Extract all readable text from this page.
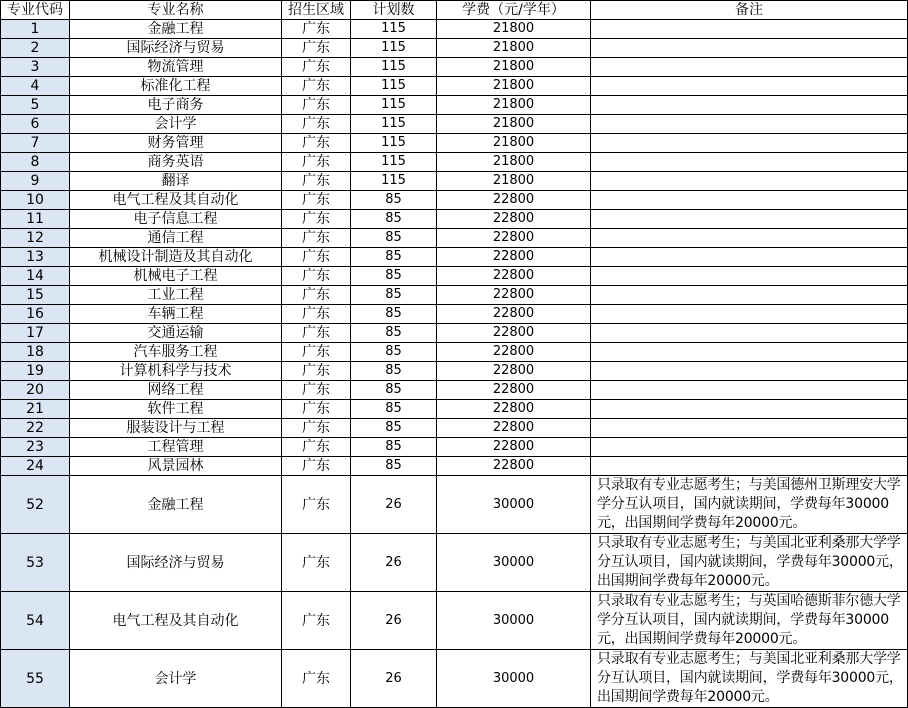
专业代码	专业名称	招生区域	计划数	学费（元/学年）	备注
1	金融工程	广东	115	21800	
2	国际经济与贸易	广东	115	21800	
3	物流管理	广东	115	21800	
4	标准化工程	广东	115	21800	
5	电子商务	广东	115	21800	
6	会计学	广东	115	21800	
7	财务管理	广东	115	21800	
8	商务英语	广东	115	21800	
9	翻译	广东	115	21800	
10	电气工程及其自动化	广东	85	22800	
11	电子信息工程	广东	85	22800	
12	通信工程	广东	85	22800	
13	机械设计制造及其自动化	广东	85	22800	
14	机械电子工程	广东	85	22800	
15	工业工程	广东	85	22800	
16	车辆工程	广东	85	22800	
17	交通运输	广东	85	22800	
18	汽车服务工程	广东	85	22800	
19	计算机科学与技术	广东	85	22800	
20	网络工程	广东	85	22800	
21	软件工程	广东	85	22800	
22	服装设计与工程	广东	85	22800	
23	工程管理	广东	85	22800	
24	风景园林	广东	85	22800	
52	金融工程	广东	26	30000	只录取有专业志愿考生；与美国德州卫斯理安大学学分互认项目，国内就读期间，学费每年30000元，出国期间学费每年20000元。
53	国际经济与贸易	广东	26	30000	只录取有专业志愿考生；与美国北亚利桑那大学学分互认项目，国内就读期间，学费每年30000元，出国期间学费每年20000元。
54	电气工程及其自动化	广东	26	30000	只录取有专业志愿考生；与英国哈德斯菲尔德大学学分互认项目，国内就读期间，学费每年30000元，出国期间学费每年20000元。
55	会计学	广东	26	30000	只录取有专业志愿考生；与美国北亚利桑那大学学分互认项目，国内就读期间，学费每年30000元，出国期间学费每年20000元。
